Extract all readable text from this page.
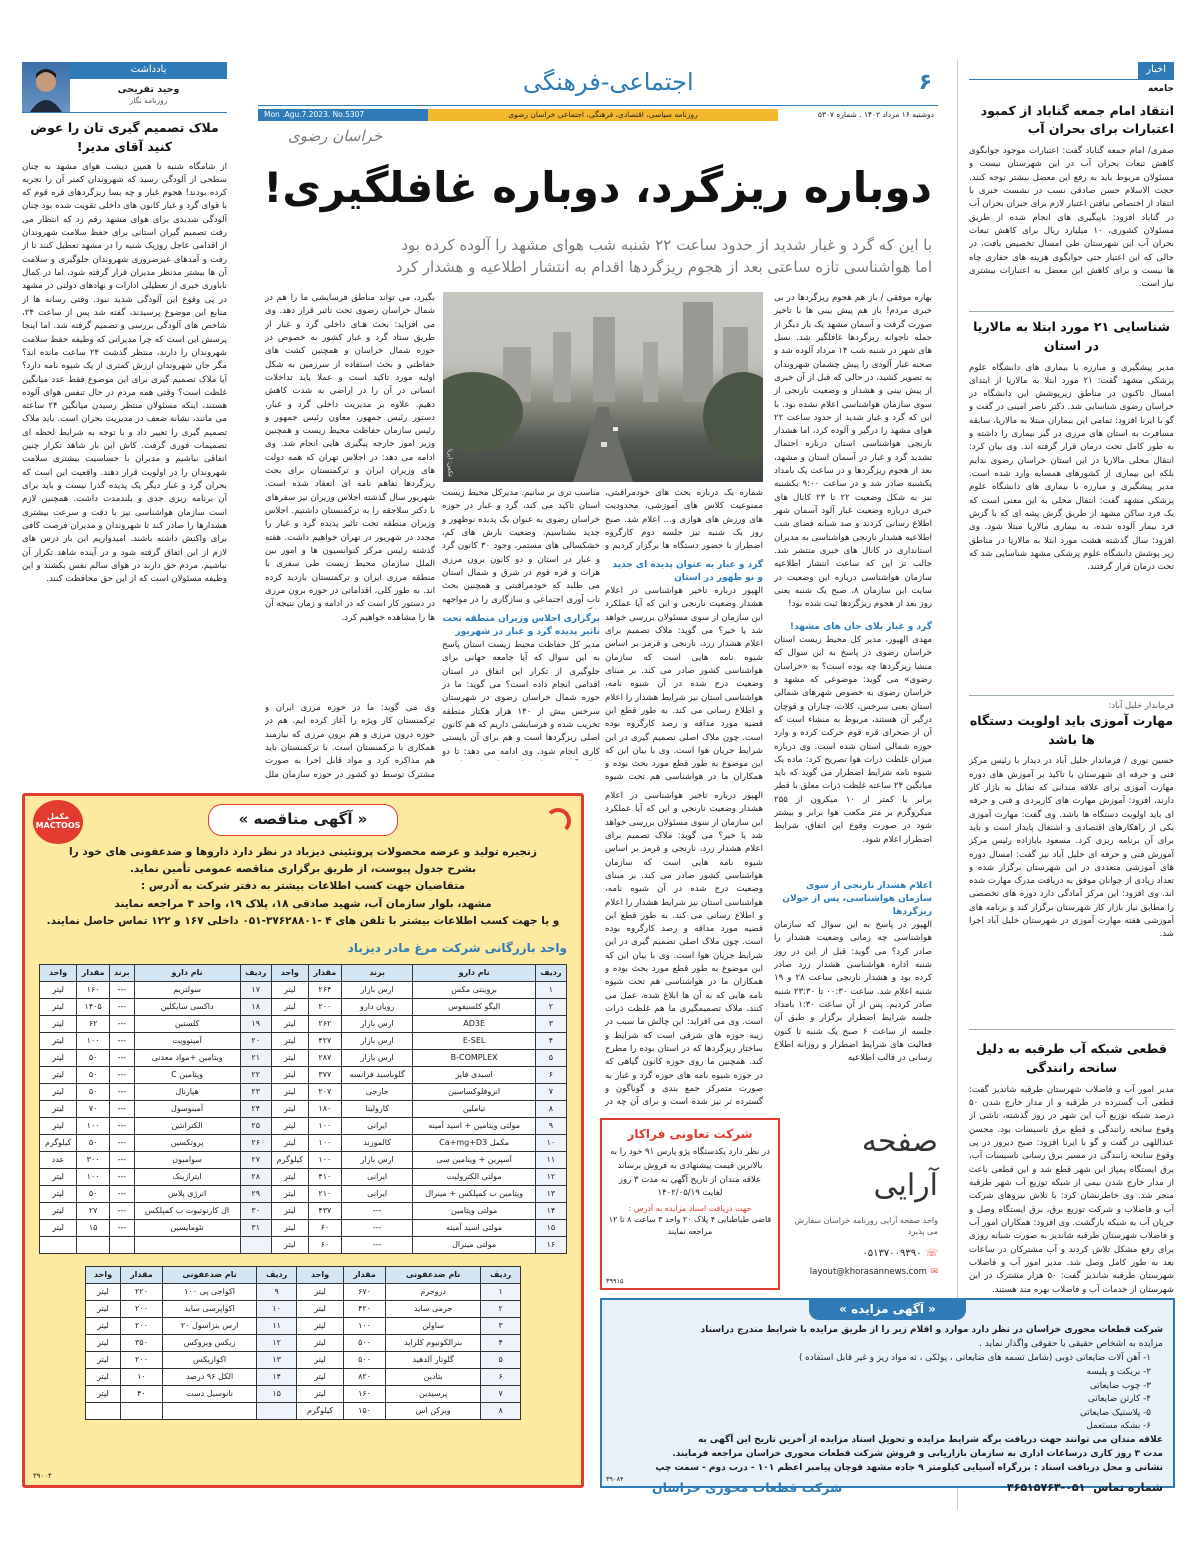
اخبار
جامعه
انتقاد امام جمعه گناباد از کمبود اعتبارات برای بحران آب
صفری/ امام جمعه گناباد گفت: اعتبارات موجود جوابگوی کاهش تبعات بحران آب در این شهرستان نیست و مسئولان مربوط باید به رفع این معضل بیشتر توجه کنند. حجت الاسلام حسن صادقی نسب در نشست خبری با انتقاد از اختصاص نیافتن اعتبار لازم برای جبران بحران آب در گناباد افزود: باپیگیری های انجام شده از طریق مسئولان کشوری، ۱۰ میلیارد ریال برای کاهش تبعات بحران آب این شهرستان طی امسال تخصیص یافت، در حالی که این اعتبار حتی جوابگوی هزینه های حفاری چاه ها نیست و برای کاهش این معضل به اعتبارات بیشتری نیاز است.
شناسایی ۲۱ مورد ابتلا به مالاریا در استان
مدیر پیشگیری و مبارزه با بیماری های دانشگاه علوم پزشکی مشهد گفت: ۲۱ مورد ابتلا به مالاریا از ابتدای امسال تاکنون در مناطق زیرپوشش این دانشگاه در خراسان رضوی شناسایی شد. دکتر ناصر امینی در گفت و گو با ایرنا افزود: تمامی این بیماران مبتلا به مالاریا، سابقه مسافرت به استان های مرزی در گیر بیماری را داشته و به طور کامل تحت درمان قرار گرفته اند. وی بیان کرد: انتقال محلی مالاریا در این استان خراسان رضوی ندایم بلکه این بیماری از کشورهای همسایه وارد شده است. مدیر پیشگیری و مبارزه با بیماری های دانشگاه علوم پزشکی مشهد گفت: انتقال محلی به این معنی است که یک فرد ساکن مشهد از طریق گزش پشه ای که با گزش فرد بیمار آلوده شده، به بیماری مالاریا مبتلا شود. وی افزود: سال گذشته هشت مورد ابتلا به مالاریا در مناطق زیر پوشش دانشگاه علوم پزشکی مشهد شناسایی شد که تحت درمان قرار گرفتند.
فرماندار خلیل آباد:
مهارت آموزی باید اولویت دستگاه ها باشد
حسین نوری / فرماندار خلیل آباد در دیدار با رئیس مرکز فنی و حرفه ای شهرستان با تاکید بر آموزش های دوره مهارت آموزی برای علاقه مندانی که تمایل به بازار کار دارند، افزود: آموزش مهارت های کاربردی و فنی و حرفه ای باید اولویت دستگاه ها باشد. وی گفت: مهارت آموزی یکی از راهکارهای اقتصادی و اشتغال پایدار است و باید برای آن برنامه ریزی کرد. مسعود بابازاده رئیس مرکز آموزش فنی و حرفه ای خلیل آباد نیز گفت: امسال دوره های آموزشی متعددی در این شهرستان برگزار شده و تعداد زیادی از جوانان موفق به دریافت مدرک مهارت شده اند. وی افزود: این مرکز آمادگی دارد دوره های تخصصی را مطابق نیاز بازار کار شهرستان برگزار کند و برنامه های آموزشی هفته مهارت آموزی در شهرستان خلیل آباد اجرا شد.
قطعی شبکه آب طرقبه به دلیل سانحه رانندگی
مدیر امور آب و فاضلاب شهرستان طرقبه شاندیز گفت: قطعی آب گسترده در طرقبه و از مدار خارج شدن ۵۰ درصد شبکه توزیع آب این شهر در روز گذشته، ناشی از وقوع سانحه رانندگی و قطع برق تاسیسات بود. محسن عبداللهی در گفت و گو با ایرنا افزود: صبح دیروز در پی وقوع سانحه رانندگی در مسیر برق رسانی تاسیسات آب، برق ایستگاه پمپاژ این شهر قطع شد و این قطعی باعث از مدار خارج شدن نیمی از شبکه توزیع آب شهر طرقبه منجر شد. وی خاطرنشان کرد: با تلاش نیروهای شرکت آب و فاضلاب و شرکت توزیع برق، برق ایستگاه وصل و جریان آب به شبکه بازگشت. وی افزود: همکاران امور آب و فاضلاب شهرستان طرقبه شاندیز به صورت شبانه روزی برای رفع مشکل تلاش کردند و آب مشترکان در ساعات بعد به طور کامل وصل شد. مدیر امور آب و فاضلاب شهرستان طرقبه شاندیز گفت: ۵۰ هزار مشترک در این شهرستان از خدمات آب و فاضلاب بهره مند هستند.
۶
اجتماعی-فرهنگی
دوشنبه ۱۶ مرداد ۱۴۰۲ . شماره ۵۳۰۷
روزنامه سیاسی، اقتصادی، فرهنگی، اجتماعی خراسان رضوی
Mon .Agu.7.2023. No.5307
خراسان رضوی
دوباره ریزگرد، دوباره غافلگیری!
با این که گرد و غبار شدید از حدود ساعت ۲۲ شنبه شب هوای مشهد را آلوده کرده بود
اما هواشناسی تازه ساعتی بعد از هجوم ریزگردها اقدام به انتشار اطلاعیه و هشدار کرد
عکس: ایرنا
بهاره موفقی / باز هم هجوم ریزگردها در بی خبری مردم! باز هم پیش بینی ها با تاخیر صورت گرفت و آسمان مشهد یک بار دیگر از حمله ناجوانه ریزگردها غافلگیر شد. نسل های شهر در شنبه شب ۱۴ مرداد آلوده شد و صحنه غبار آلودی را پیش چشمان شهروندان به تصویر کشید، در حالی که قبل از آن خبری از پیش بینی و هشدار و وضعیت نارنجی از سوی سازمان هواشناسی اعلام نشده بود. با این که گرد و غبار شدید از حدود ساعت ۲۲ هوای مشهد را درگیر و آلوده کرد، اما هشدار نارنجی هواشناسی استان درباره احتمال تشدید گرد و غبار در آسمان استان و مشهد، بعد از هجوم ریزگردها و در ساعت یک بامداد یکشنبه صادر شد و در ساعت ۹:۰۰ یکشنبه نیز به شکل وضعیت ۲۲ تا ۲۳ کانال های خبری درباره وضعیت غبار آلود آسمان شهر اطلاع رسانی کردند و صد شبانه فضای شب اطلاعیه هشدار نارنجی هواشناسی به مدیران استانداری در کانال های خبری منتشر شد. جالب تر این که ساعت انتشار اطلاعیه سازمان هواشناسی درباره این وضعیت در سایت این سازمان ۸، صبح یک شنبه یعنی روز بعد از هجوم ریزگردها ثبت شده بود!
گرد و غبار بلای جان های مشهد!
مهدی الهپور، مدیر کل محیط زیست استان خراسان رضوی در پاسخ به این سوال که منشا ریزگردها چه بوده است؟ به «خراسان رضوی» می گوید: موضوعی که مشهد و خراسان رضوی به خصوص شهرهای شمالی استان یعنی سرخس، کلات، چناران و قوچان درگیر آن هستند، مربوط به منشاء است که آن از صحرای قره قوم حرکت کرده و وارد حوزه شمالی استان شده است. وی درباره میزان غلظت ذرات هوا تصریح کرد: ماده یک شیوه نامه شرایط اضطرار می گوید که باید میانگین ۲۴ ساعته غلظت ذرات معلق با قطر برابر یا کمتر از ۱۰ میکرون از ۲۵۵ میکروگرم بر متر مکعب هوا برابر و بیشتر شود در صورت وقوع این اتفاق، شرایط اضطرار اعلام شود.
شماره یک درباره بحث های خودمراقبتی، ممنوعیت کلاس های آموزشی، محدودیت های ورزش های هوازی و... اعلام شد. صبح روز یک شنبه نیز جلسه دوم کارگروه اضطرار با حضور دستگاه ها برگزار کردیم و
گرد و غبار به عنوان پدیده ای جدید و نو ظهور در استان
الهپور درباره تاخیر هواشناسی در اعلام هشدار وضعیت نارنجی و این که آیا عملکرد این سازمان از سوی مسئولان بررسی خواهد شد یا خیر؟ می گوید: ملاک تصمیم برای اعلام هشدار زرد، نارنجی و قرمز بر اساس شیوه نامه هایی است که سازمان هواشناسی کشور صادر می کند. بر مبنای وضعیت درج شده در آن شیوه نامه، هواشناسی استان نیز شرایط هشدار را اعلام و اطلاع رسانی می کند. به طور قطع این قضیه مورد مداقه و رصد کارگروه بوده است. چون ملاک اصلی تصمیم گیری در این شرایط جریان هوا است. وی با بیان این که این موضوع به طور قطع مورد بحث بوده و همکاران ما در هواشناسی هم تحت شیوه
مناسب تری بر سانیم. مدیرکل محیط زیست استان تاکید می کند، گرد و غبار در حوزه خراسان رضوی به عنوان یک پدیده نوظهور و جدید بشناسیم. وضعیت بارش های کم، خشکسالی های مستمر، وجود ۳۰ کانون گرد و غبار در استان و دو کانون برون مرزی هرات و قره قوم در شرق و شمال استان می طلبد که خودمراقبتی و همچنین بحث تاب آوری اجتماعی و سازگاری را در مواجهه
برگزاری اجلاس وزیران منطقه تحت تاثیر پدیده گرد و غبار در شهریور
مدیر کل حفاظت محیط زیست استان پاسخ به این سوال که آیا جامعه جهانی برای جلوگیری از تکرار این اتفاق در استان اقدامی انجام داده است؟ می گوید: ما در حوزه شمال خراسان رضوی در شهرستان سرخس بیش از ۱۴۰ هزار هکتار منطقه تخریب شده و فرسایشی داریم که هم کانون اصلی ریزگردها است و هم برای آن بایستی کاری انجام شود. وی ادامه می دهد: تا دو
بگیرد، می تواند مناطق فرسایشی ما را هم در شمال خراسان رضوی تحت تاثیر قرار دهد. وی می افزاید: بحث هـای داخلی گرد و غبار از طریق ستاد گرد و غبار کشور به خصوص در حوزه شمال خراسان و همچنین کشت های حفاظتی و بحث استفاده از سرزمین به شکل اولیه مورد تاکید است و عملا باید تداخلات انسانی در آن را در اراضی به شدت کاهش دهیم. علاوه بر مدیریت داخلی گرد و غبار، دستور رئیس جمهور، معاون رئیس جمهور و رئیس سازمان حفاظت محیط زیست و همچنین وزیر امور خارجه پیگیری هایی انجام شد. وی ادامه می دهد: در اجلاس تهران که همه دولت های وزیران ایران و ترکمنستان برای بحث ریزگردها تفاهم نامه ای انعقاد شده است. شهریور سال گذشته اجلاس وزیران نیز سفرهای با دکتر سلاجقه را به ترکمنستان داشتیم. اجلاس وزیران منطقه تحت تاثیر پدیده گرد و غبار را مجدد در شهریور در تهران خواهیم داشت. هفته گذشته رئیس مرکز کنوانسیون ها و امور بین الملل سازمان محیط زیست طی سفری با منطقه مرزی ایران و ترکمنستان بازدید کرده اند. به طور کلی، اقداماتی در حوزه برون مرزی در دستور کار است که در ادامه و زمان نتیجه آن ها را مشاهده خواهیم کرد.
وی می گوید: ما در حوزه مرزی ایران و ترکمنستان کار ویژه را آغاز کرده ایم. هم در حوزه درون مرزی و هم برون مرزی که نیازمند همکاری با ترکمنستان است. با ترکمنستان باید هم مذاکره کرد و مواد قابل اجرا به صورت مشترک توسط دو کشور در حوزه سازمان ملل
اعلام هشدار نارنجی از سوی سازمان هواشناسی، پس از جولان ریزگردها
الهپور در پاسخ به این سوال که سازمان هواشناسی چه زمانی وضعیت هشدار را صادر کرد؟ می گوید: قبل از این در روز شنبه اداره هواشناسی هشدار زرد صادر کرده بود و هشدار نارنجی ساعت ۲۸ و ۱۹ شنبه اعلام شد. ساعت ۰۰:۳۰ تا ۲۳:۳۰ شنبه صادر کردیم. پس از آن ساعت ۱:۳۰ بامداد جلسه شرایط اضطرار برگزار و طبق آن جلسه از ساعت ۶ صبح یک شنبه تا کنون فعالیت های شرایط اضطرار و روزانه اطلاع رسانی در قالب اطلاعیه
الهپور درباره تاخیر هواشناسی در اعلام هشدار وضعیت نارنجی و این که آیا عملکرد این سازمان از سوی مسئولان بررسی خواهد شد یا خیر؟ می گوید: ملاک تصمیم برای اعلام هشدار زرد، نارنجی و قرمز بر اساس شیوه نامه هایی است که سازمان هواشناسی کشور صادر می کند. بر مبنای وضعیت درج شده در آن شیوه نامه، هواشناسی استان نیز شرایط هشدار را اعلام و اطلاع رسانی می کند. به طور قطع این قضیه مورد مداقه و رصد کارگروه بوده است. چون ملاک اصلی تصمیم گیری در این شرایط جریان هوا است. وی با بیان این که این موضوع به طور قطع مورد بحث بوده و همکاران ما در هواشناسی هم تحت شیوه نامه هایی که به آن ها ابلاغ شده، عمل می کنند، ملاک تصمیمگیری ما هم غلظت ذرات است. وی می افزاید: این چالش ما سبب در زیبه حوزه های شرقی است که شرایط و ساختار ریزگردها که در استان بوده را مطرح کند. همچنین ما روی حوزه کانون گیاهی که در حوزه شیوه نامه های حوزه گرد و غبار به صورت متمرکز جمع بندی و گوناگون و گسترده تر نیز شده است و برای آن چه در
یادداشت
وحید تفریحی
روزنامه نگار
ملاک تصمیم گیری تان را عوض کنید آقای مدیر!
از شامگاه شنبه تا همین دیشب هوای مشهد به چنان سطحی از آلودگی رسید که شهروندان کمتر آن را تجربه کرده بودند! هجوم غبار و چه بسا ریزگردهای قره قوم که با قوای گرد و غبار کانون های داخلی تقویت شده بود چنان آلودگی شدیدی برای هوای مشهد رقم زد که انتظار می رفت تصمیم گیران استانی برای حفظ سلامت شهروندان از اقدامی عاجل روزیک شنبه را در مشهد تعطیل کنند تا از رفت و آمدهای غیرضروری شهروندان جلوگیری و سلامت آن ها بیشتر مدنظر مدیران قرار گرفته شود، اما در کمال ناباوری خبری از تعطیلی ادارات و نهادهای دولتی در مشهد در پی وقوع این آلودگی شدید نبود. وقتی رسانه ها از منابع این موضوع پرسیدند، گفته شد پس از ساعت ۲۴، شاخص های آلودگی بررسی و تصمیم گرفته شد. اما اینجا پرسش این است که چرا مدیرانی که وظیفه حفظ سلامت شهروندان را دارند، منتظر گذشت ۲۴ ساعت مانده اند؟ مگر جان شهروندان ارزش کمتری از یک شیوه نامه دارد؟ آیا ملاک تصمیم گیری برای این موضوع فقط عدد میانگین غلظت است؟ وقتی همه مردم در حال تنفس هوای آلوده هستند، اینکه مسئولان منتظر رسیدن میانگین ۲۴ ساعته می مانند، نشانه ضعف در مدیریت بحران است. باید ملاک تصمیم گیری را تغییر داد و با توجه به شرایط لحظه ای تصمیمات فوری گرفت. کاش این بار شاهد تکرار چنین اتفاقی نباشیم و مدیران با حساسیت بیشتری سلامت شهروندان را در اولویت قرار دهند. واقعیت این است که بحران گرد و غبار دیگر یک پدیده گذرا نیست و باید برای آن برنامه ریزی جدی و بلندمدت داشت. همچنین لازم است سازمان هواشناسی نیز با دقت و سرعت بیشتری هشدارها را صادر کند تا شهروندان و مدیران فرصت کافی برای واکنش داشته باشند. امیدواریم این بار درس های لازم از این اتفاق گرفته شود و در آینده شاهد تکرار آن نباشیم. مردم حق دارند در هوای سالم نفس بکشند و این وظیفه مسئولان است که از این حق محافظت کنند.
« آگهی مناقصه »
مکمل MACTOOS
زنجیره تولید و عرضه محصولات پروتئینی دیزباد در نظر دارد داروها و ضدعفونی های خود را
بشرح جدول پیوست، از طریق برگزاری مناقصه عمومی تأمین نماید.
متقاضیان جهت کسب اطلاعات بیشتر به دفتر شرکت به آدرس :
مشهد، بلوار سازمان آب، شهید صادقی ۱۸، پلاک ۱۹، واحد ۳ مراجعه نمایند
و یا جهت کسب اطلاعات بیشتر با تلفن های ۴ -۳۷۶۲۸۸۰۱-۰۵۱ داخلی ۱۶۷ و ۱۲۲ تماس حاصل نمایند.
واحد بازرگانی شرکت مرغ مادر دیزباد
ردیف	نام دارو	برند	مقدار	واحد	ردیف	نام دارو	برند	مقدار	واحد
۱	بروینتی مکس	ارس بازار	۲۶۴	لیتر	۱۷	سولتریم	---	۱۶۰	لیتر
۲	الیگو کلسیفوس	رویان دارو	۲۰۰	لیتر	۱۸	داکسی سایکلین	---	۱۴۰۵	لیتر
۳	AD3E	ارس بازار	۲۶۲	لیتر	۱۹	کلستین	---	۶۲	لیتر
۴	E-SEL	ارس بازار	۴۲۷	لیتر	۲۰	آمینوویت	---	۱۰۰	لیتر
۵	B-COMPLEX	ارس بازار	۲۸۷	لیتر	۲۱	ویتامین +مواد معدنی	---	۵۰	لیتر
۶	اسیدی فایر	گلوباسید فرانسه	۳۷۷	لیتر	۲۲	ویتامین C	---	۵۰	لیتر
۷	انروفلوکساسین	خارجی	۲۰۷	لیتر	۲۳	هپارنال	---	۵۰	لیتر
۸	تیاملین	کارولینا	۱۸۰	لیتر	۲۴	آمینوسول	---	۷۰	لیتر
۹	مولتی ویتامین + اسید آمینه	ایرانی	۱۰۰	لیتر	۲۵	الکترانتین	---	۱۰۰	لیتر
۱۰	مکمل Ca+mg+D3	کالموزند	۱۰۰	لیتر	۲۶	پروتکسین	---	۵۰	کیلوگرم
۱۱	آسپرین + ویتامین سی	ارس بازار	۱۰۰	کیلوگرم	۲۷	سوامیون	---	۳۰۰	عدد
۱۲	مولتی الکترولیت	ایرانی	۴۱۰	لیتر	۲۸	ایترازینک	---	۱۰۰	لیتر
۱۳	ویتامین ب کمپلکس + مینرال	ایرانی	۲۱۰	لیتر	۲۹	انرژی پلاس	---	۵۰	لیتر
۱۴	مولتی ویتامین	---	۴۳۷	لیتر	۳۰	ال کارنوتیوت ب کمپلکس	---	۲۷	لیتر
۱۵	مولتی اسید آمینه	---	۶۰	لیتر	۳۱	نئومایسین	---	۱۵	لیتر
۱۶	مولتی مینرال	---	۶۰	لیتر					
ردیف	نام ضدعفونی	مقدار	واحد	ردیف	نام ضدعفونی	مقدار	واحد
۱	دزوجرم	۶۷۰	لیتر	۹	اکواجی پی ۱۰۰	۲۲۰	لیتر
۲	جرمی ساید	۴۲۰	لیتر	۱۰	اکواپرسی ساید	۲۰۰	لیتر
۳	ساولن	۱۰۰	لیتر	۱۱	ارس بنزاسول ۲۰	۲۰۰	لیتر
۴	بنزالکونیوم کلراید	۵۰۰	لیتر	۱۲	زیکس ویروکس	۳۵۰	لیتر
۵	گلوتار آلدهید	۵۰۰	لیتر	۱۳	اکوازیکس	۲۰۰	لیتر
۶	بتادین	۸۲۰	لیتر	۱۴	الکل ۹۶ درصد	۱۰	لیتر
۷	پرسیدین	۱۶۰	لیتر	۱۵	نانوسیل دست	۴۰	لیتر
۸	ویرکن اس	۱۵۰	کیلوگرم				
۳۹۰۰۴
شرکت تعاونی فراکار
در نظر دارد یکدستگاه پژو پارس ۹۱ خود را به بالاترین قیمت پیشنهادی به فروش برساند علاقه مندان از تاریخ آگهی به مدت ۳ روز لغایت ۱۴۰۲/۰۵/۱۹
جهت دریافت اسناد مزایده به آدرس :
قاضی طباطبایی ۴ پلاک ۲۰ واحد ۳ ساعت ۸ تا ۱۲ مراجعه نمایند
۳۹۹۱۵
صفحه آرایی
واحد صفحه آرایی روزنامه خراسان سفارش می پذیرد
☏
۰۵۱۳۷۰۰۹۳۹۰
✉
layout@khorasannews.com
« آگهی مزایده »
شرکت قطعات محوری خراسان در نظر دارد موارد و اقلام زیر را از طریق مزایده با شرایط مندرج دراسناد
مزایده به اشخاص حقیقی یا حقوقی واگذار نماید .
۱- آهن آلات ضایعاتی ذوبی (شامل تسمه های ضایعاتی ، پولکی ، ته مواد ریز و غیر قابل استفاده )
۲- بریکت و پلیسه
۳- چوب ضایعاتی
۴- کارتن ضایعاتی
۵- پلاستیک ضایعاتی
۶- بشکه مستعمل
علاقه مندان می توانند جهت دریافت برگه شرایط مزایده و تحویل اسناد مزایده از آخرین تاریخ این آگهی به
مدت ۳ روز کاری درساعات اداری به سازمان بازاریابی و فروش شرکت قطعات محوری خراسان مراجعه فرمایند.
نشانی و محل دریافت اسناد : بزرگراه آسیایی کیلومتر ۹ جاده مشهد قوچان پیامبر اعظم ۱۰۱ - درب دوم - سمت چپ
شماره تماس ۰۵۱-۳۶۵۱۵۷۶۳
شرکت قطعات محوری خراسان
۳۹۰۸۴
